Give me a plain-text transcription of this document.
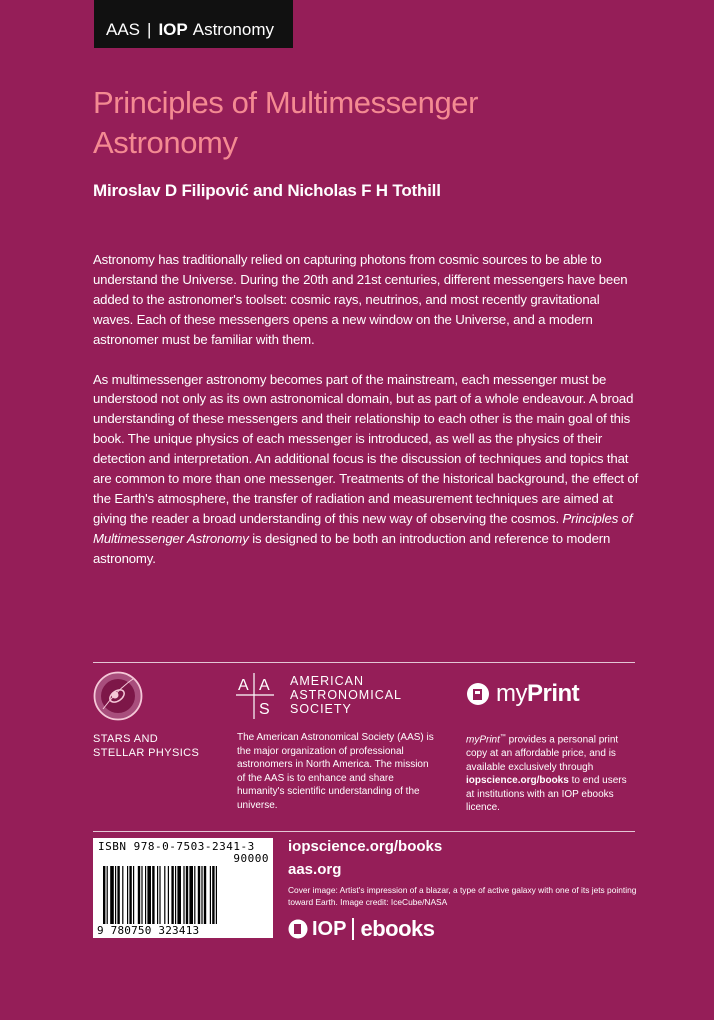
AAS | IOP Astronomy
Principles of Multimessenger
Astronomy
Miroslav D Filipović and Nicholas F H Tothill

Astronomy has traditionally relied on capturing photons from cosmic sources to be able to understand the Universe. During the 20th and 21st centuries, different messengers have been added to the astronomer's toolset: cosmic rays, neutrinos, and most recently gravitational waves. Each of these messengers opens a new window on the Universe, and a modern astronomer must be familiar with them.

As multimessenger astronomy becomes part of the mainstream, each messenger must be understood not only as its own astronomical domain, but as part of a whole endeavour. A broad understanding of these messengers and their relationship to each other is the main goal of this book. The unique physics of each messenger is introduced, as well as the physics of their detection and interpretation. An additional focus is the discussion of techniques and topics that are common to more than one messenger. Treatments of the historical background, the effect of the Earth's atmosphere, the transfer of radiation and measurement techniques are aimed at giving the reader a broad understanding of this new way of observing the cosmos. Principles of Multimessenger Astronomy is designed to be both an introduction and reference to modern astronomy.

STARS AND
STELLAR PHYSICS
A A
S
AMERICAN
ASTRONOMICAL
SOCIETY
The American Astronomical Society (AAS) is the major organization of professional astronomers in North America. The mission of the AAS is to enhance and share humanity's scientiﬁc understanding of the universe.
myPrint
myPrint™ provides a personal print copy at an affordable price, and is available exclusively through iopscience.org/books to end users at institutions with an IOP ebooks licence.
ISBN 978-0-7503-2341-3
90000
9 780750 323413
iopscience.org/books
aas.org
Cover image: Artist's impression of a blazar, a type of active galaxy with one of its jets pointing toward Earth. Image credit: IceCube/NASA
IOP ebooks
